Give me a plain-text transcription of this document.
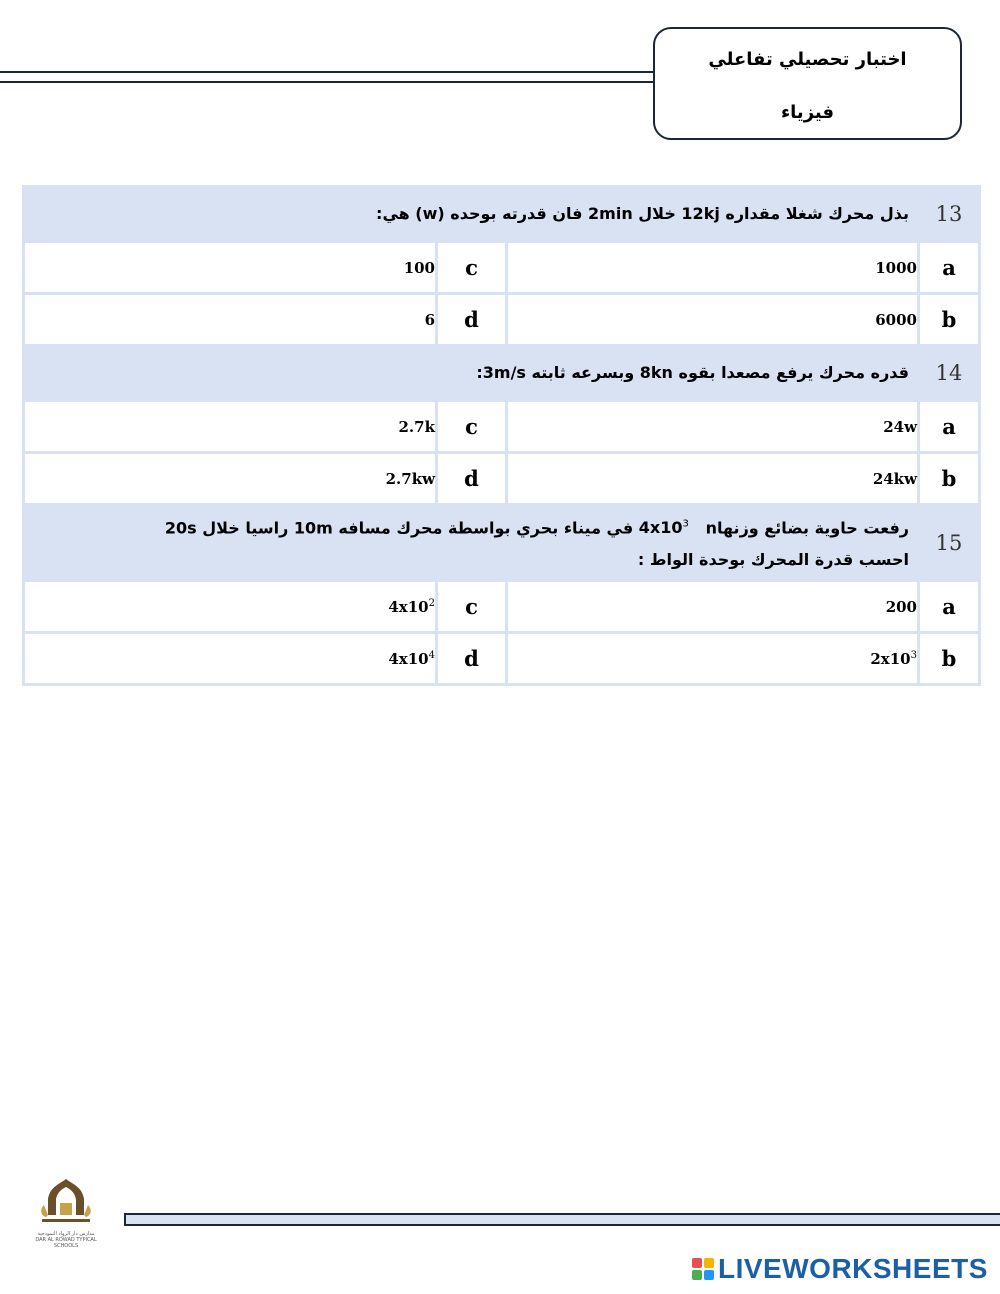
اختبار تحصيلي تفاعلي
فيزياء
بذل محرك شغلا مقداره 12kj خلال 2min فان قدرته بوحده (w) هي:			13
100	c	1000	a
6	d	6000	b
قدره محرك يرفع مصعدا بقوه 8kn وبسرعه ثابته 3m/s:			14
2.7k	c	24w	a
2.7kw	d	24kw	b

رفعت حاوية بضائع وزنهاn   $4x10^3$ في ميناء بحري بواسطة محرك مسافه 10m راسيا خلال 20s
احسب قدرة المحرك بوحدة الواط :			15
$4x10^2$	c	200	a
$4x10^4$	d	$2x10^3$	b
مدارس دار الرواد النموذجية
DAR AL ROWAD TYPICAL SCHOOLS
LIVEWORKSHEETS
